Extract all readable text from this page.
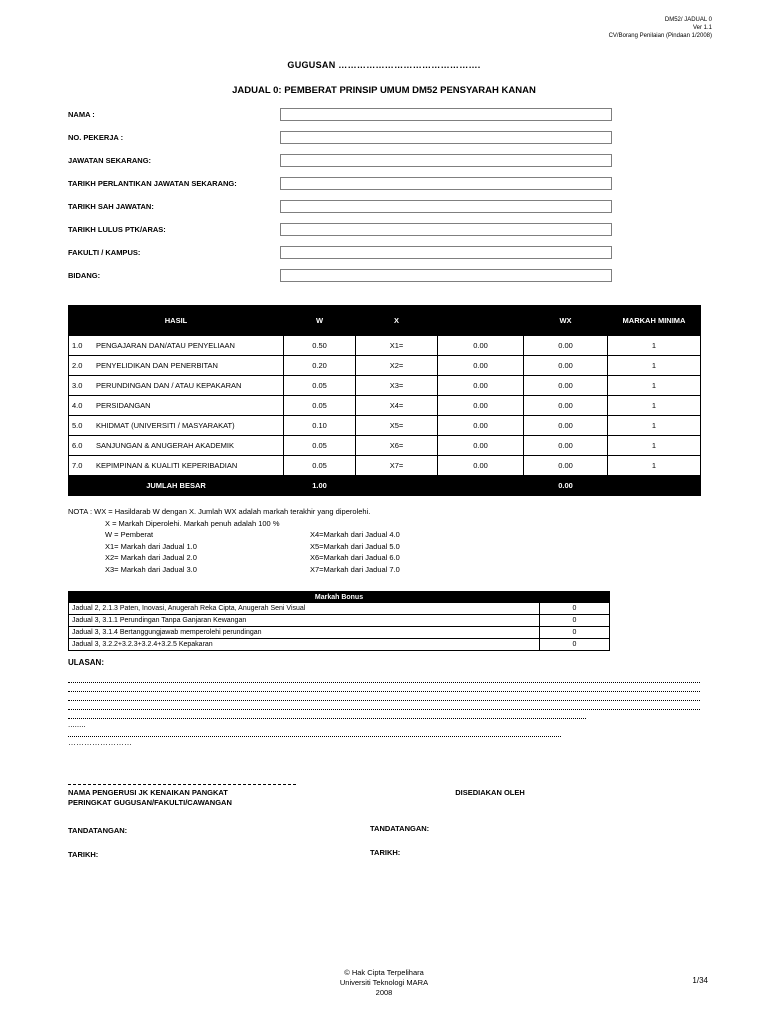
DM52/ JADUAL 0
Ver 1.1
CV/Borang Penilaian (Pindaan 1/2008)
GUGUSAN ……………………………………….
JADUAL 0: PEMBERAT PRINSIP UMUM DM52 PENSYARAH KANAN
NAMA :
NO. PEKERJA :
JAWATAN SEKARANG:
TARIKH PERLANTIKAN JAWATAN SEKARANG:
TARIKH SAH JAWATAN:
TARIKH LULUS PTK/ARAS:
FAKULTI / KAMPUS:
BIDANG:
HASIL	W	X		WX	MARKAH MINIMA
1.0 PENGAJARAN DAN/ATAU PENYELIAAN	0.50	X1=	0.00	0.00	1
2.0 PENYELIDIKAN DAN PENERBITAN	0.20	X2=	0.00	0.00	1
3.0 PERUNDINGAN DAN / ATAU KEPAKARAN	0.05	X3=	0.00	0.00	1
4.0 PERSIDANGAN	0.05	X4=	0.00	0.00	1
5.0 KHIDMAT (UNIVERSITI / MASYARAKAT)	0.10	X5=	0.00	0.00	1
6.0 SANJUNGAN & ANUGERAH AKADEMIK	0.05	X6=	0.00	0.00	1
7.0 KEPIMPINAN & KUALITI KEPERIBADIAN	0.05	X7=	0.00	0.00	1
JUMLAH BESAR	1.00			0.00	
NOTA : WX = Hasildarab W dengan X. Jumlah WX adalah markah terakhir yang diperolehi.
X = Markah Diperolehi. Markah penuh adalah 100 %
W = Pemberat	X4=Markah dari Jadual 4.0
X1= Markah dari Jadual 1.0	X5=Markah dari Jadual 5.0
X2= Markah dari Jadual 2.0	X6=Markah dari Jadual 6.0
X3= Markah dari Jadual 3.0	X7=Markah dari Jadual 7.0
Markah Bonus	
Jadual 2, 2.1.3 Paten, Inovasi, Anugerah Reka Cipta, Anugerah Seni Visual	0
Jadual 3, 3.1.1 Perundingan Tanpa Ganjaran Kewangan	0
Jadual 3, 3.1.4 Bertanggungjawab memperolehi perundingan	0
Jadual 3, 3.2.2+3.2.3+3.2.4+3.2.5 Kepakaran	0
ULASAN:
........
……………………
NAMA PENGERUSI JK KENAIKAN PANGKAT
PERINGKAT GUGUSAN/FAKULTI/CAWANGAN
TANDATANGAN:
TARIKH:
DISEDIAKAN OLEH
TANDATANGAN:
TARIKH:
© Hak Cipta Terpelihara
Universiti Teknologi MARA
2008
1/34
